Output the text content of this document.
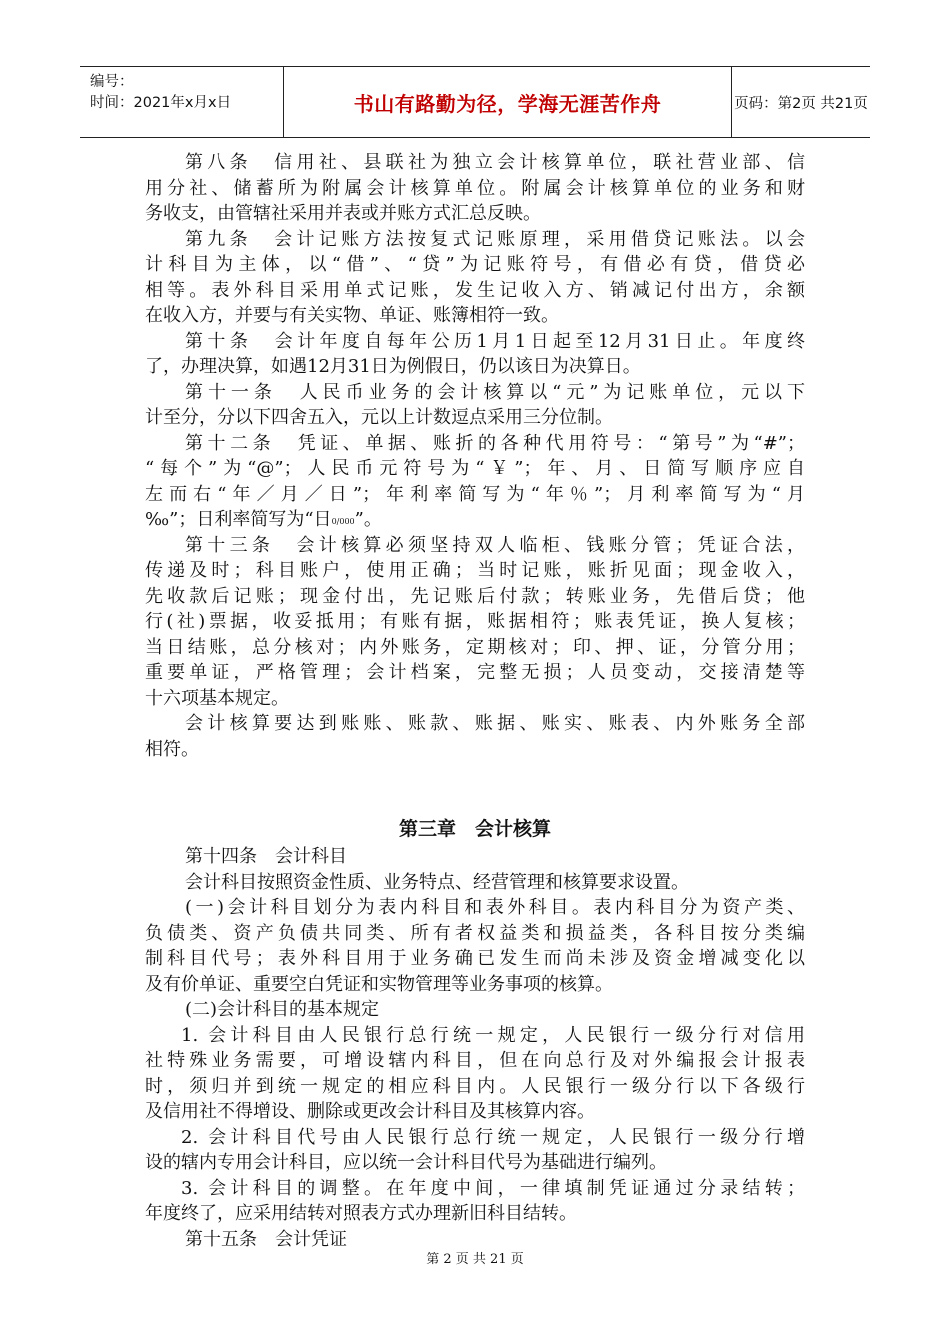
编号：
时间：2021年x月x日	书山有路勤为径，学海无涯苦作舟	页码：第2页 共21页
第八条　信用社、县联社为独立会计核算单位，联社营业部、信
用分社、储蓄所为附属会计核算单位。附属会计核算单位的业务和财
务收支，由管辖社采用并表或并账方式汇总反映。
第九条　会计记账方法按复式记账原理，采用借贷记账法。以会
计科目为主体，以“借”、“贷”为记账符号，有借必有贷，借贷必
相等。表外科目采用单式记账，发生记收入方、销减记付出方，余额
在收入方，并要与有关实物、单证、账簿相符一致。
第十条　会计年度自每年公历1月1日起至12月31日止。年度终
了，办理决算，如遇12月31日为例假日，仍以该日为决算日。
第十一条　人民币业务的会计核算以“元”为记账单位，元以下
计至分，分以下四舍五入，元以上计数逗点采用三分位制。
第十二条　凭证、单据、账折的各种代用符号：“第号”为“#”；
“每个”为“@”；人民币元符号为“￥”；年、月、日简写顺序应自
左而右“年／月／日”；年利率简写为“年％”；月利率简写为“月
‰”；日利率简写为“日0/000”。
第十三条　会计核算必须坚持双人临柜、钱账分管；凭证合法，
传递及时；科目账户，使用正确；当时记账，账折见面；现金收入，
先收款后记账；现金付出，先记账后付款；转账业务，先借后贷；他
行(社)票据，收妥抵用；有账有据，账据相符；账表凭证，换人复核；
当日结账，总分核对；内外账务，定期核对；印、押、证，分管分用；
重要单证，严格管理；会计档案，完整无损；人员变动，交接清楚等
十六项基本规定。
会计核算要达到账账、账款、账据、账实、账表、内外账务全部
相符。
第三章　会计核算
第十四条　会计科目
会计科目按照资金性质、业务特点、经营管理和核算要求设置。
(一)会计科目划分为表内科目和表外科目。表内科目分为资产类、
负债类、资产负债共同类、所有者权益类和损益类，各科目按分类编
制科目代号；表外科目用于业务确已发生而尚未涉及资金增减变化以
及有价单证、重要空白凭证和实物管理等业务事项的核算。
(二)会计科目的基本规定
1. 会计科目由人民银行总行统一规定，人民银行一级分行对信用
社特殊业务需要，可增设辖内科目，但在向总行及对外编报会计报表
时，须归并到统一规定的相应科目内。人民银行一级分行以下各级行
及信用社不得增设、删除或更改会计科目及其核算内容。
2. 会计科目代号由人民银行总行统一规定，人民银行一级分行增
设的辖内专用会计科目，应以统一会计科目代号为基础进行编列。
3. 会计科目的调整。在年度中间，一律填制凭证通过分录结转；
年度终了，应采用结转对照表方式办理新旧科目结转。
第十五条　会计凭证
第 2 页 共 21 页
